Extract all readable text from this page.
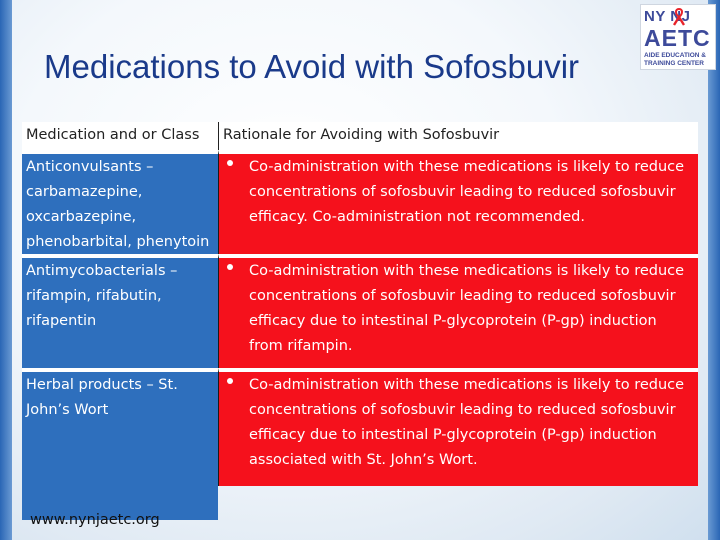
Medications to Avoid with Sofosbuvir
NY NJ
AETC
AIDE EDUCATION &
TRAINING CENTER
Medication and or Class	Rationale for Avoiding with Sofosbuvir
Anticonvulsants – carbamazepine, oxcarbazepine, phenobarbital, phenytoin
Co-administration with these medications is likely to reduce concentrations of sofosbuvir leading to reduced sofosbuvir efficacy. Co-administration not recommended.
Antimycobacterials – rifampin, rifabutin, rifapentin
Co-administration with these medications is likely to reduce concentrations of sofosbuvir leading to reduced sofosbuvir efficacy due to intestinal P-glycoprotein (P-gp) induction from rifampin.
Herbal products – St. John’s Wort
Co-administration with these medications is likely to reduce concentrations of sofosbuvir leading to reduced sofosbuvir efficacy due to intestinal P-glycoprotein (P-gp) induction associated with St. John’s Wort.
www.nynjaetc.org
